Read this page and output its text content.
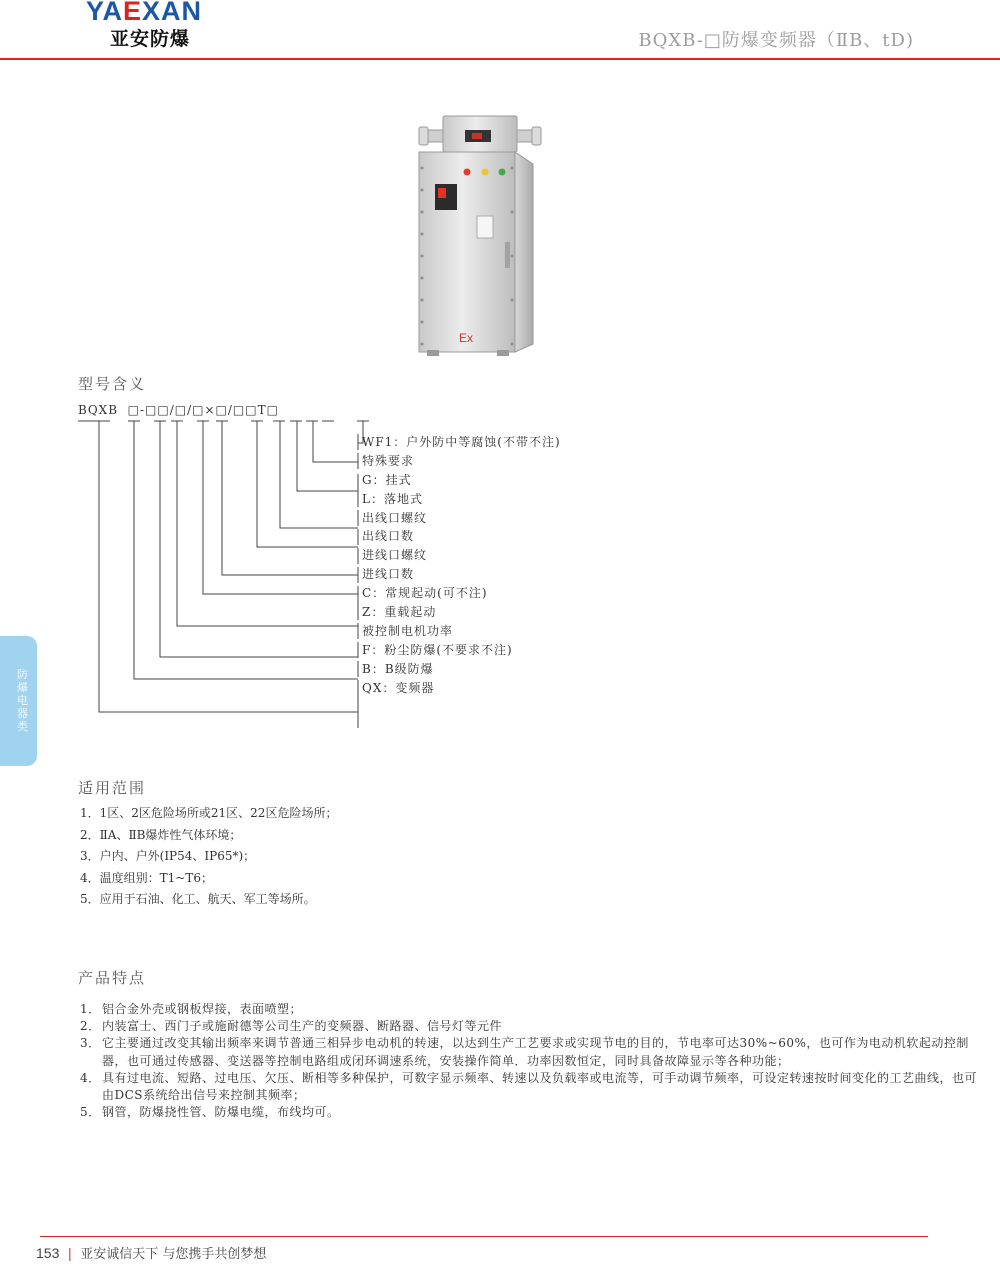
YAEXAN
亚安防爆	BQXB-□防爆变频器（ⅡB、tD)
防爆电器类
Ex
型号含义
BQXB  □-□□/□/□×□/□□T□
WF1：户外防中等腐蚀(不带不注)
特殊要求
G：挂式
L：落地式
出线口螺纹
出线口数
进线口螺纹
进线口数
C：常规起动(可不注)
Z：重载起动
被控制电机功率
F：粉尘防爆(不要求不注)
B：B级防爆
QX：变频器
适用范围
1．1区、2区危险场所或21区、22区危险场所；
2．ⅡA、ⅡB爆炸性气体环境；
3．户内、户外(IP54、IP65*)；
4．温度组别：T1~T6；
5．应用于石油、化工、航天、军工等场所。
产品特点
1．铝合金外壳或钢板焊接，表面喷塑；
2．内装富士、西门子或施耐德等公司生产的变频器、断路器、信号灯等元件
3．它主要通过改变其输出频率来调节普通三相异步电动机的转速，以达到生产工艺要求或实现节电的目的，节电率可达30%~60%，也可作为电动机软起动控制器，也可通过传感器、变送器等控制电路组成闭环调速系统，安装操作简单．功率因数恒定，同时具备故障显示等各种功能；
4．具有过电流、短路、过电压、欠压、断相等多种保护，可数字显示频率、转速以及负载率或电流等，可手动调节频率，可设定转速按时间变化的工艺曲线，也可由DCS系统给出信号来控制其频率；
5．钢管，防爆挠性管、防爆电缆，布线均可。
153 | 亚安诚信天下 与您携手共创梦想
